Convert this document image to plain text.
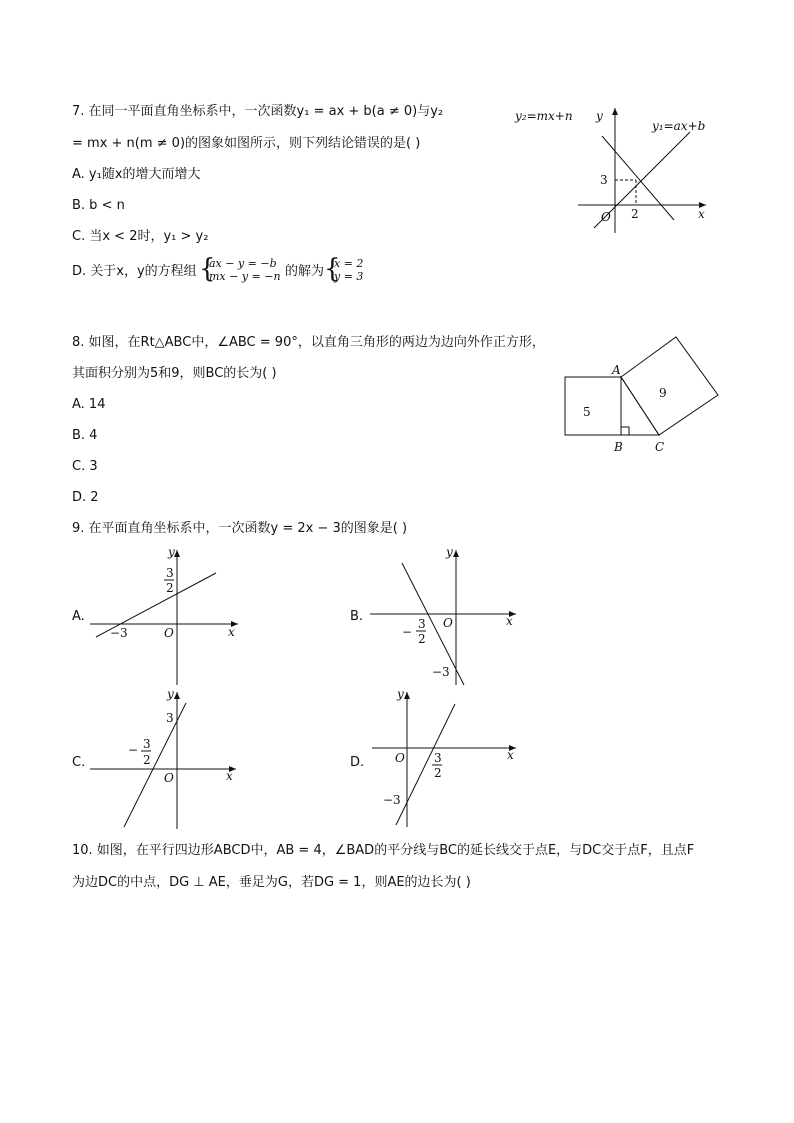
7. 在同一平面直角坐标系中，一次函数y₁ = ax + b(a ≠ 0)与y₂
= mx + n(m ≠ 0)的图象如图所示，则下列结论错误的是( )
A. y₁随x的增大而增大
B. b < n
C. 当x < 2时，y₁ > y₂
D. 关于x，y的方程组 {
ax − y = −b
mx − y = −n 的解为 {
x = 2
y = 3
y₂=mx+n y
y₁=ax+b
x
O
3
2
8. 如图，在Rt△ABC中，∠ABC = 90°，以直角三角形的两边为边向外作正方形，
其面积分别为5和9，则BC的长为( )
A. 14
B. 4
C. 3
D. 2
A
B	C
5
9
9. 在平面直角坐标系中，一次函数y = 2x − 3的图象是( )
A.
y
x
O
−3
3
2
B.
y
x
O
−
3
2
−3
C.
y
x
O
3
− 3
2	D.
y
x
O 3
2
−3
10. 如图，在平行四边形ABCD中，AB = 4，∠BAD的平分线与BC的延长线交于点E，与DC交于点F，且点F
为边DC的中点，DG ⊥ AE，垂足为G，若DG = 1，则AE的边长为( )
